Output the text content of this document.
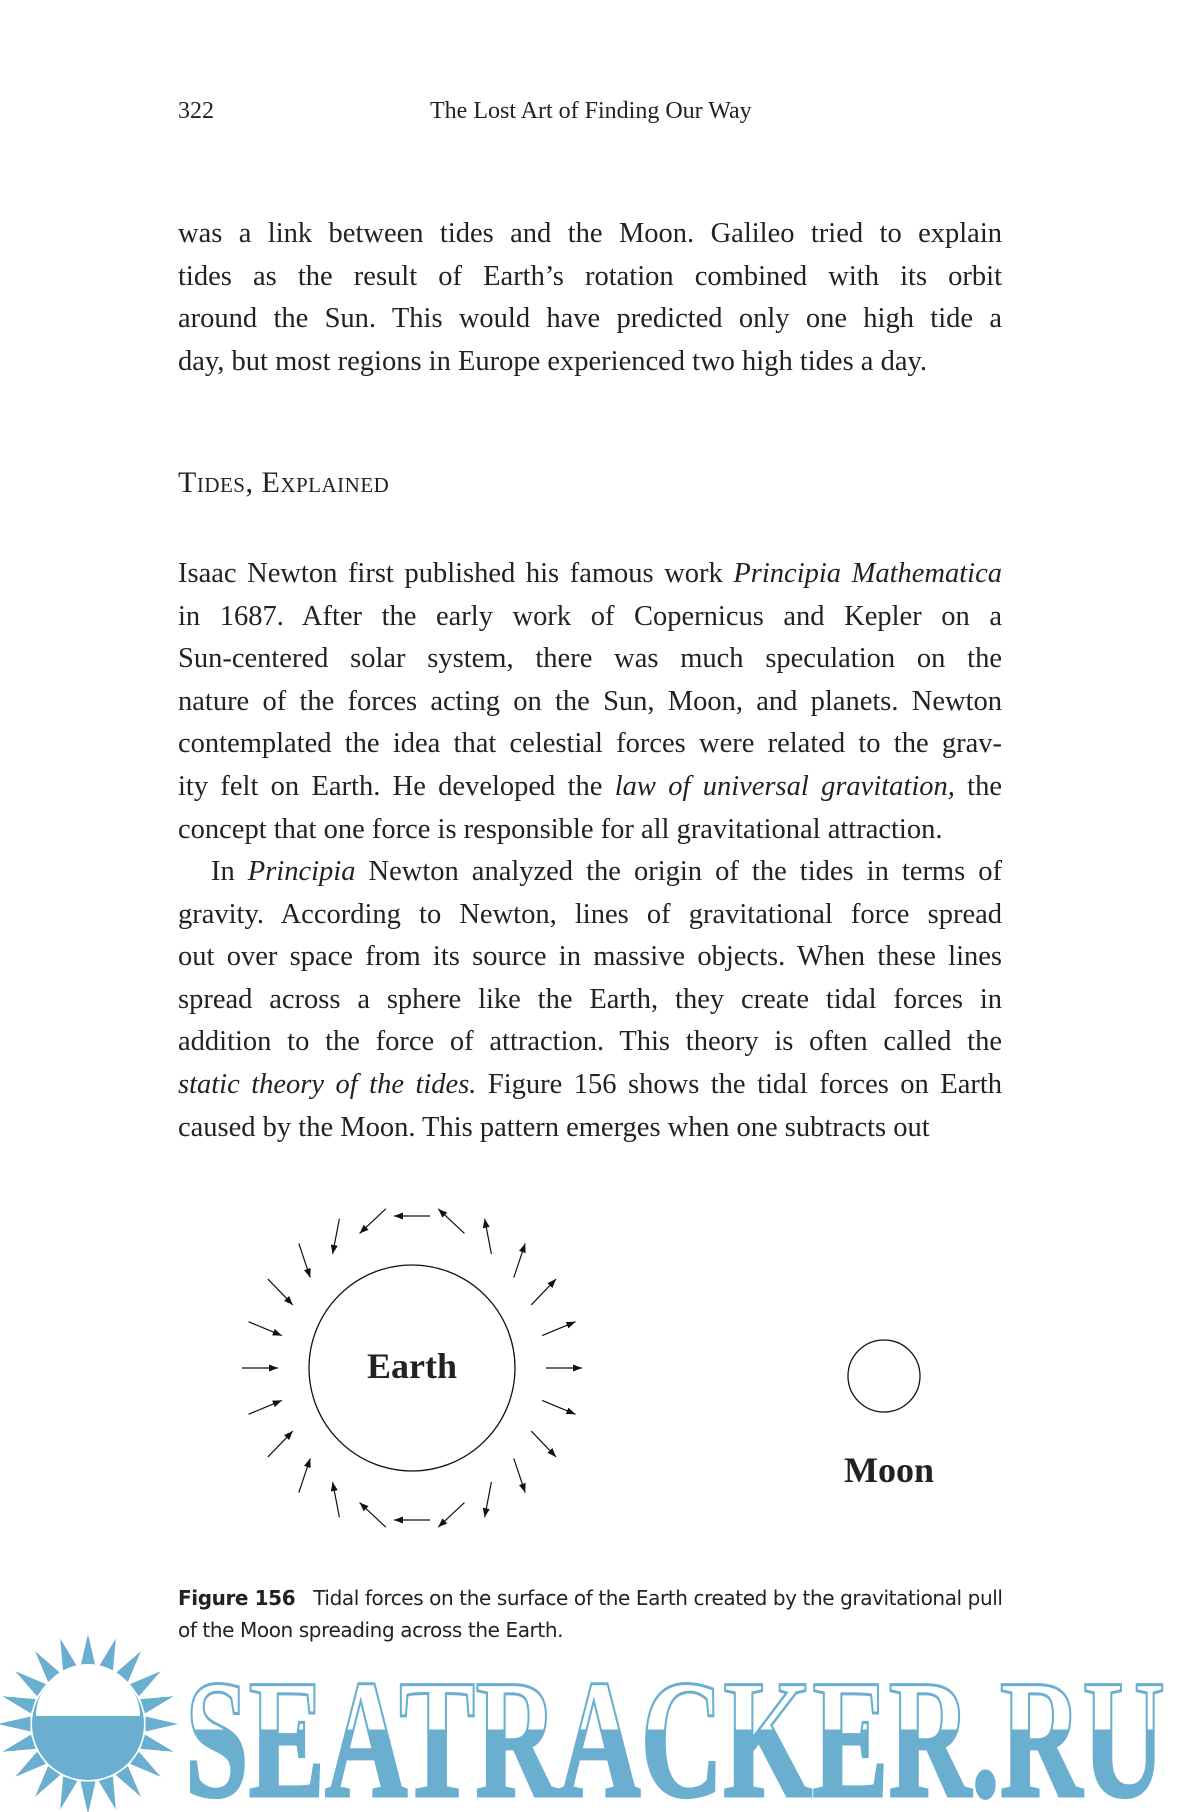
322	The Lost Art of Finding Our Way
was a link between tides and the Moon. Galileo tried to explain
tides as the result of Earth’s rotation combined with its orbit
around the Sun. This would have predicted only one high tide a
day, but most regions in Europe experienced two high tides a day.
Tides, Explained
Isaac Newton first published his famous work Principia Mathematica
in 1687. After the early work of Copernicus and Kepler on a
Sun-centered solar system, there was much speculation on the
nature of the forces acting on the Sun, Moon, and planets. Newton
contemplated the idea that celestial forces were related to the grav-
ity felt on Earth. He developed the law of universal gravitation, the
concept that one force is responsible for all gravitational attraction.
In Principia Newton analyzed the origin of the tides in terms of
gravity. According to Newton, lines of gravitational force spread
out over space from its source in massive objects. When these lines
spread across a sphere like the Earth, they create tidal forces in
addition to the force of attraction. This theory is often called the
static theory of the tides. Figure 156 shows the tidal forces on Earth
caused by the Moon. This pattern emerges when one subtracts out
Earth
Moon
Figure 156 Tidal forces on the surface of the Earth created by the gravitational pull of the Moon spreading across the Earth.
SEATRACKER.RU
